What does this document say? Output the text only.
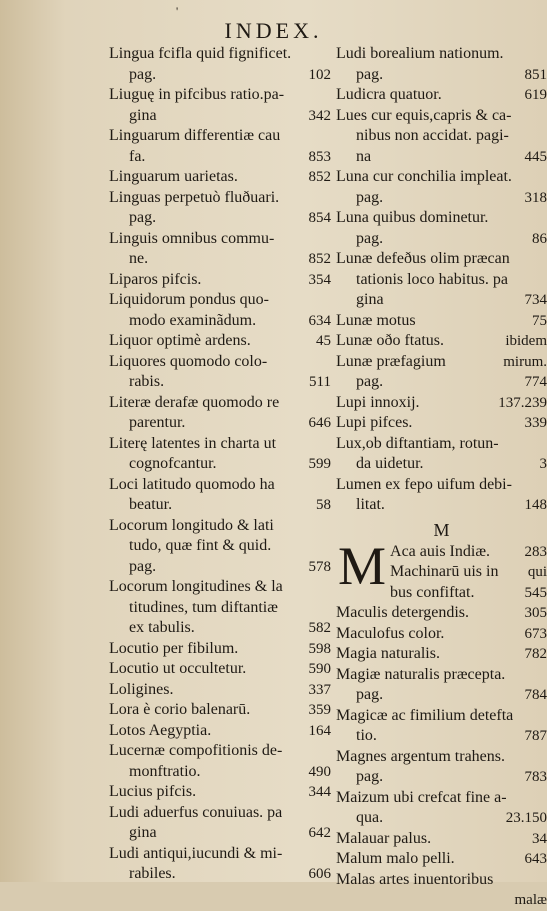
'
INDEX.
Lingua fcifla quid fignificet.
pag.	102
Liuguę in pifcibus ratio.pa-
gina	342
Linguarum differentiæ cau
fa.	853
Linguarum uarietas.	852
Linguas perpetuò fluðuari.
pag.	854
Linguis omnibus commu-
ne.	852
Liparos pifcis.	354
Liquidorum pondus quo-
modo examinãdum.	634
Liquor optimè ardens.	45
Liquores quomodo colo-
rabis.	511
Literæ derafæ quomodo re
parentur.	646
Literę latentes in charta ut
cognofcantur.	599
Loci latitudo quomodo ha
beatur.	58
Locorum longitudo & lati
tudo, quæ fint & quid.
pag.	578
Locorum longitudines & la
titudines, tum diftantiæ
ex tabulis.	582
Locutio per fibilum.	598
Locutio ut occultetur.	590
Loligines.	337
Lora è corio balenarū.	359
Lotos Aegyptia.	164
Lucernæ compofitionis de-
monftratio.	490
Lucius pifcis.	344
Ludi aduerfus conuiuas. pa
gina	642
Ludi antiqui,iucundi & mi-
rabiles.	606
Ludi borealium nationum.
pag.	851
Ludicra quatuor.	619
Lues cur equis,capris & ca-
nibus non accidat. pagi-
na	445
Luna cur conchilia impleat.
pag.	318
Luna quibus dominetur.
pag.	86
Lunæ defeðus olim præcan
tationis loco habitus. pa
gina	734
Lunæ motus	75
Lunæ oðo ftatus.	ibidem
Lunæ præfagium	mirum.
pag.	774
Lupi innoxij.	137.239
Lupi pifces.	339
Lux,ob diftantiam, rotun-
da uidetur.	3
Lumen ex fepo uifum debi-
litat.	148
M
M Aca auis Indiæ. 283
Machinarū uis in qui
bus confiftat.	545
Maculis detergendis.	305
Maculofus color.	673
Magia naturalis.	782
Magiæ naturalis præcepta.
pag.	784
Magicæ ac fimilium detefta
tio.	787
Magnes argentum trahens.
pag.	783
Maizum ubi crefcat fine a-
qua.	23.150
Malauar palus.	34
Malum malo pelli.	643
Malas artes inuentoribus
malæ
